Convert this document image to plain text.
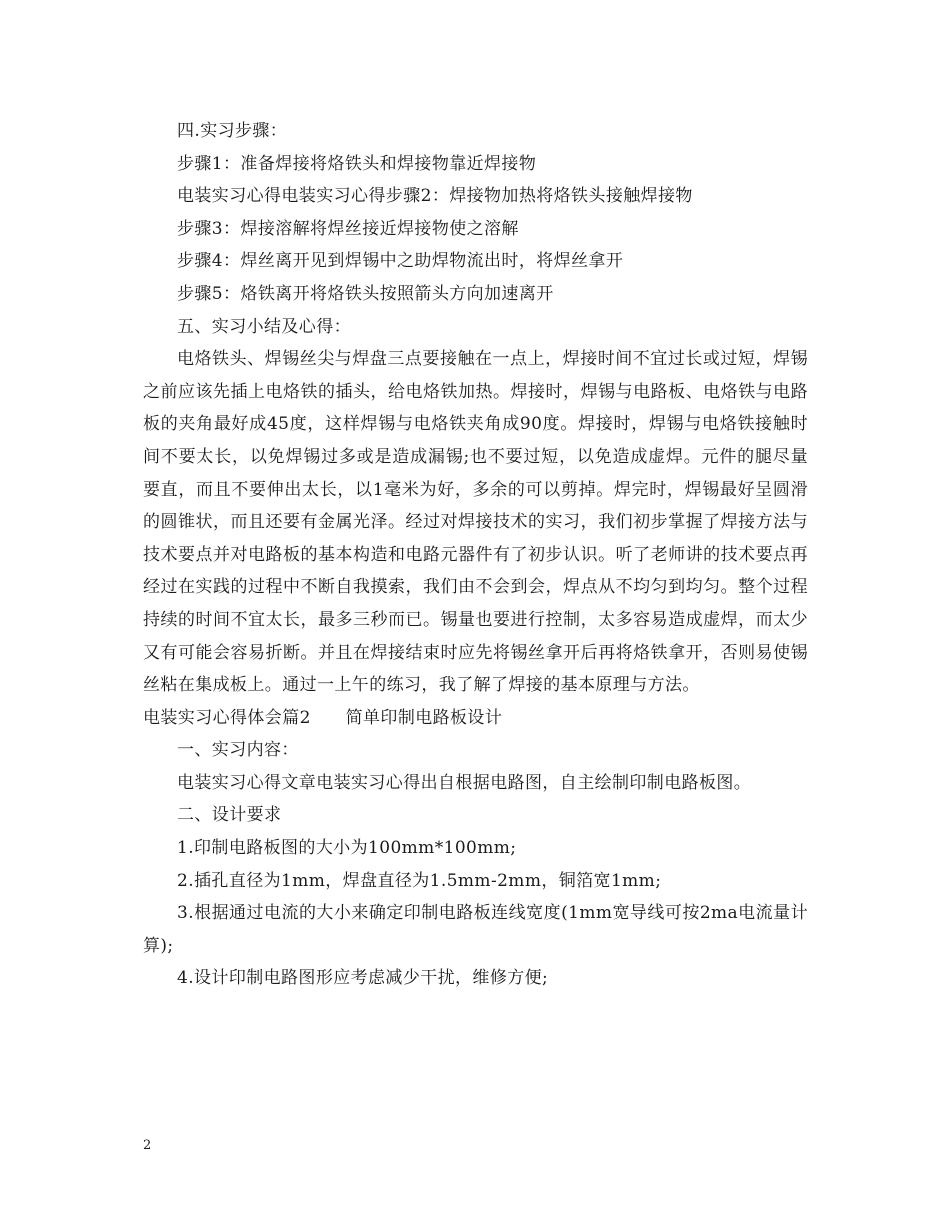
四.实习步骤：

步骤1：准备焊接将烙铁头和焊接物靠近焊接物

电装实习心得电装实习心得步骤2：焊接物加热将烙铁头接触焊接物

步骤3：焊接溶解将焊丝接近焊接物使之溶解

步骤4：焊丝离开见到焊锡中之助焊物流出时，将焊丝拿开

步骤5：烙铁离开将烙铁头按照箭头方向加速离开

五、实习小结及心得：

电烙铁头、焊锡丝尖与焊盘三点要接触在一点上，焊接时间不宜过长或过短，焊锡之前应该先插上电烙铁的插头，给电烙铁加热。焊接时，焊锡与电路板、电烙铁与电路板的夹角最好成45度，这样焊锡与电烙铁夹角成90度。焊接时，焊锡与电烙铁接触时间不要太长，以免焊锡过多或是造成漏锡;也不要过短，以免造成虚焊。元件的腿尽量要直，而且不要伸出太长，以1毫米为好，多余的可以剪掉。焊完时，焊锡最好呈圆滑的圆锥状，而且还要有金属光泽。经过对焊接技术的实习，我们初步掌握了焊接方法与技术要点并对电路板的基本构造和电路元器件有了初步认识。听了老师讲的技术要点再经过在实践的过程中不断自我摸索，我们由不会到会，焊点从不均匀到均匀。整个过程持续的时间不宜太长，最多三秒而已。锡量也要进行控制，太多容易造成虚焊，而太少又有可能会容易折断。并且在焊接结束时应先将锡丝拿开后再将烙铁拿开，否则易使锡丝粘在集成板上。通过一上午的练习，我了解了焊接的基本原理与方法。

电装实习心得体会篇2　　简单印制电路板设计

一、实习内容：

电装实习心得文章电装实习心得出自根据电路图，自主绘制印制电路板图。

二、设计要求

1.印制电路板图的大小为100mm*100mm;

2.插孔直径为1mm，焊盘直径为1.5mm-2mm，铜箔宽1mm;

3.根据通过电流的大小来确定印制电路板连线宽度(1mm宽导线可按2ma电流量计算);

4.设计印制电路图形应考虑减少干扰，维修方便;

2
